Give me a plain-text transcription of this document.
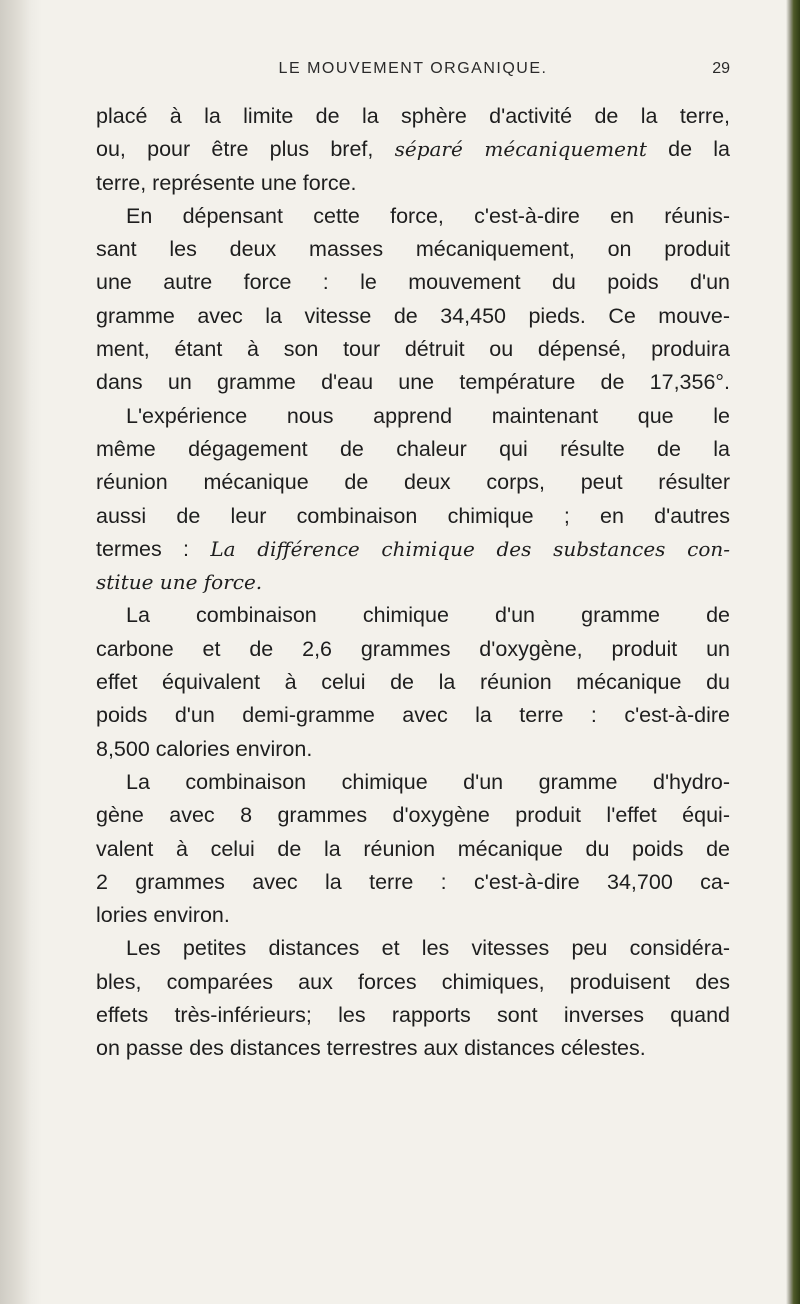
LE MOUVEMENT ORGANIQUE.	29
placé à la limite de la sphère d'activité de la terre,
ou, pour être plus bref, séparé mécaniquement de la
terre, représente une force.
En dépensant cette force, c'est-à-dire en réunis-
sant les deux masses mécaniquement, on produit
une autre force : le mouvement du poids d'un
gramme avec la vitesse de 34,450 pieds. Ce mouve-
ment, étant à son tour détruit ou dépensé, produira
dans un gramme d'eau une température de 17,356°.
L'expérience nous apprend maintenant que le
même dégagement de chaleur qui résulte de la
réunion mécanique de deux corps, peut résulter
aussi de leur combinaison chimique ; en d'autres
termes : La différence chimique des substances con-
stitue une force.
La combinaison chimique d'un gramme de
carbone et de 2,6 grammes d'oxygène, produit un
effet équivalent à celui de la réunion mécanique du
poids d'un demi-gramme avec la terre : c'est-à-dire
8,500 calories environ.
La combinaison chimique d'un gramme d'hydro-
gène avec 8 grammes d'oxygène produit l'effet équi-
valent à celui de la réunion mécanique du poids de
2 grammes avec la terre : c'est-à-dire 34,700 ca-
lories environ.
Les petites distances et les vitesses peu considéra-
bles, comparées aux forces chimiques, produisent des
effets très-inférieurs; les rapports sont inverses quand
on passe des distances terrestres aux distances célestes.
